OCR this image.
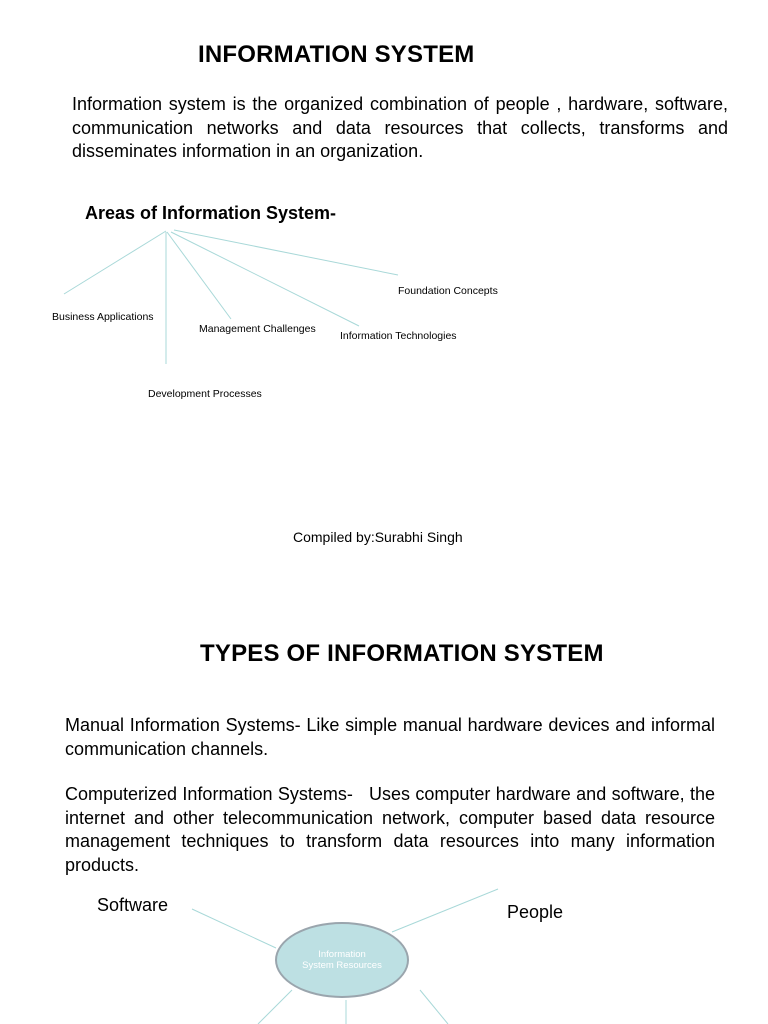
INFORMATION SYSTEM

Information system is the organized combination of people , hardware, software, communication networks and data resources that collects, transforms and disseminates information in an organization.

Areas of Information System-
Foundation Concepts
Business Applications
Management Challenges
Information Technologies
Development Processes
Compiled by:Surabhi Singh
TYPES OF INFORMATION SYSTEM

Manual Information Systems- Like simple manual hardware devices and informal communication channels.

Computerized Information Systems-   Uses computer hardware and software, the internet and other telecommunication network, computer based data resource management techniques to transform data resources into many information products.

Software	People
Information System Resources
